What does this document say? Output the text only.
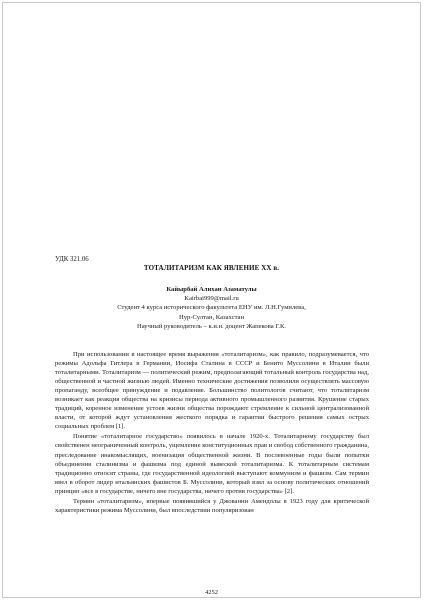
УДК 321.06
ТОТАЛИТАРИЗМ КАК ЯВЛЕНИЕ XX в.
Кайырбай Алихан Азаматулы
Kairbai999@mail.ru
Студент 4 курса исторического факультета ЕНУ им. Л.Н.Гумилева,
Нур-Султан, Казахстан
Научный руководитель – к.и.н. доцент Жапекова Г.К.

При использовании в настоящее время выражения «тоталитаризм», как правило, подразумевается, что режимы Адольфа Гитлера в Германии, Иосифа Сталина в СССР и Бенито Муссолини в Италии были тоталитарными. Тоталитаризм — политический режим, предполагающий тотальный контроль государства над, общественной и частной жизнью людей. Именно технические достижения позволили осуществлять массовую пропаганду, всеобщее принуждение и подавление. Большинство политологов считают, что тоталитаризм возникает как реакция общества на кризисы периода активного промышленного развития. Крушение старых традиций, коренное изменение устоев жизни общества порождают стремление к сильной централизованной власти, от которой ждут установления жесткого порядка и гарантии быстрого решения самых острых социальных проблем [1].

Понятие «тоталитарное государство» появилось в начале 1920-х. Тоталитарному государству был свойственен неограниченный контроль, ущемление конституционных прав и свобод собственного гражданина, преследование инакомыслящих, военизация общественной жизни. В послевоенные годы были попытки объединения сталинизма и фашизма под единой вывеской тоталитаризма. К тоталитарным системам традиционно относят страны, где государственной идеологией выступают коммунизм и фашизм. Сам термин ввел в оборот лидер итальянских фашистов Б. Муссолини, который взял за основу политических отношений принцип «все в государстве, ничего вне государства, ничего против государства» [2].

Термин «тоталитаризм», впервые появившийся у Джованни Амендолы в 1923 году для критической характеристики режима Муссолини, был впоследствии популяризован

4252
